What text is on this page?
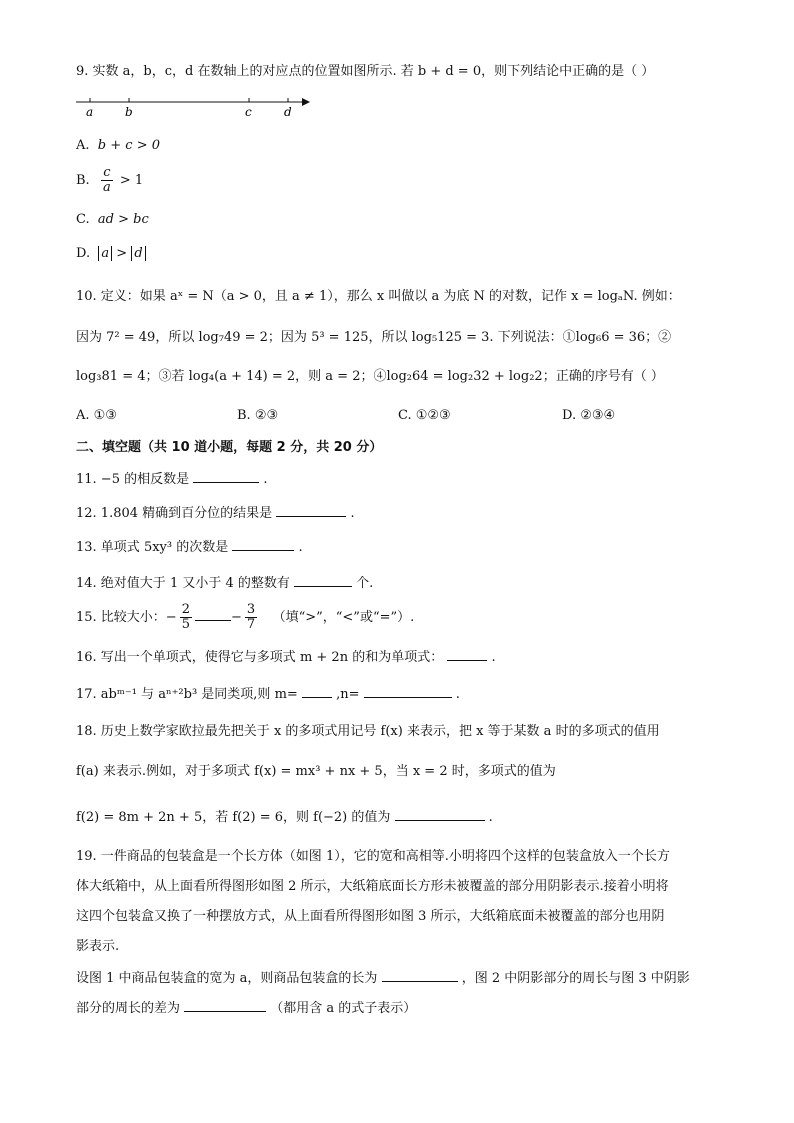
9. 实数 a，b，c，d 在数轴上的对应点的位置如图所示. 若 b + d = 0，则下列结论中正确的是（ ）
a	b	c	d
A. b + c > 0
B. $\frac{c}{a} > 1$
C. ad > bc
D. a > d
10. 定义：如果 aˣ = N（a > 0，且 a ≠ 1），那么 x 叫做以 a 为底 N 的对数，记作 x = logₐN. 例如：
因为 7² = 49，所以 log₇49 = 2；因为 5³ = 125，所以 log₅125 = 3. 下列说法：①log₆6 = 36；②
log₃81 = 4；③若 log₄(a + 14) = 2，则 a = 2；④log₂64 = log₂32 + log₂2；正确的序号有（ ）
A. ①③	B. ②③	C. ①②③	D. ②③④
二、填空题（共 10 道小题，每题 2 分，共 20 分）
11. −5 的相反数是	.
12. 1.804 精确到百分位的结果是	.
13. 单项式 5xy³ 的次数是	.
14. 绝对值大于 1 又小于 4 的整数有	个.
15. 比较大小：− $\frac{2}{5}$	− $\frac{3}{7}$ （填“>”，“<”或“=”）.
16. 写出一个单项式，使得它与多项式 m + 2n 的和为单项式：	.
17. abᵐ⁻¹ 与 aⁿ⁺²b³ 是同类项,则 m=	,n=	.
18. 历史上数学家欧拉最先把关于 x 的多项式用记号 f(x) 来表示，把 x 等于某数 a 时的多项式的值用
f(a) 来表示.例如，对于多项式 f(x) = mx³ + nx + 5，当 x = 2 时，多项式的值为
f(2) = 8m + 2n + 5，若 f(2) = 6，则 f(−2) 的值为	.
19. 一件商品的包装盒是一个长方体（如图 1），它的宽和高相等.小明将四个这样的包装盒放入一个长方
体大纸箱中，从上面看所得图形如图 2 所示，大纸箱底面长方形未被覆盖的部分用阴影表示.接着小明将
这四个包装盒又换了一种摆放方式，从上面看所得图形如图 3 所示，大纸箱底面未被覆盖的部分也用阴
影表示.
设图 1 中商品包装盒的宽为 a，则商品包装盒的长为	，图 2 中阴影部分的周长与图 3 中阴影
部分的周长的差为	（都用含 a 的式子表示）
